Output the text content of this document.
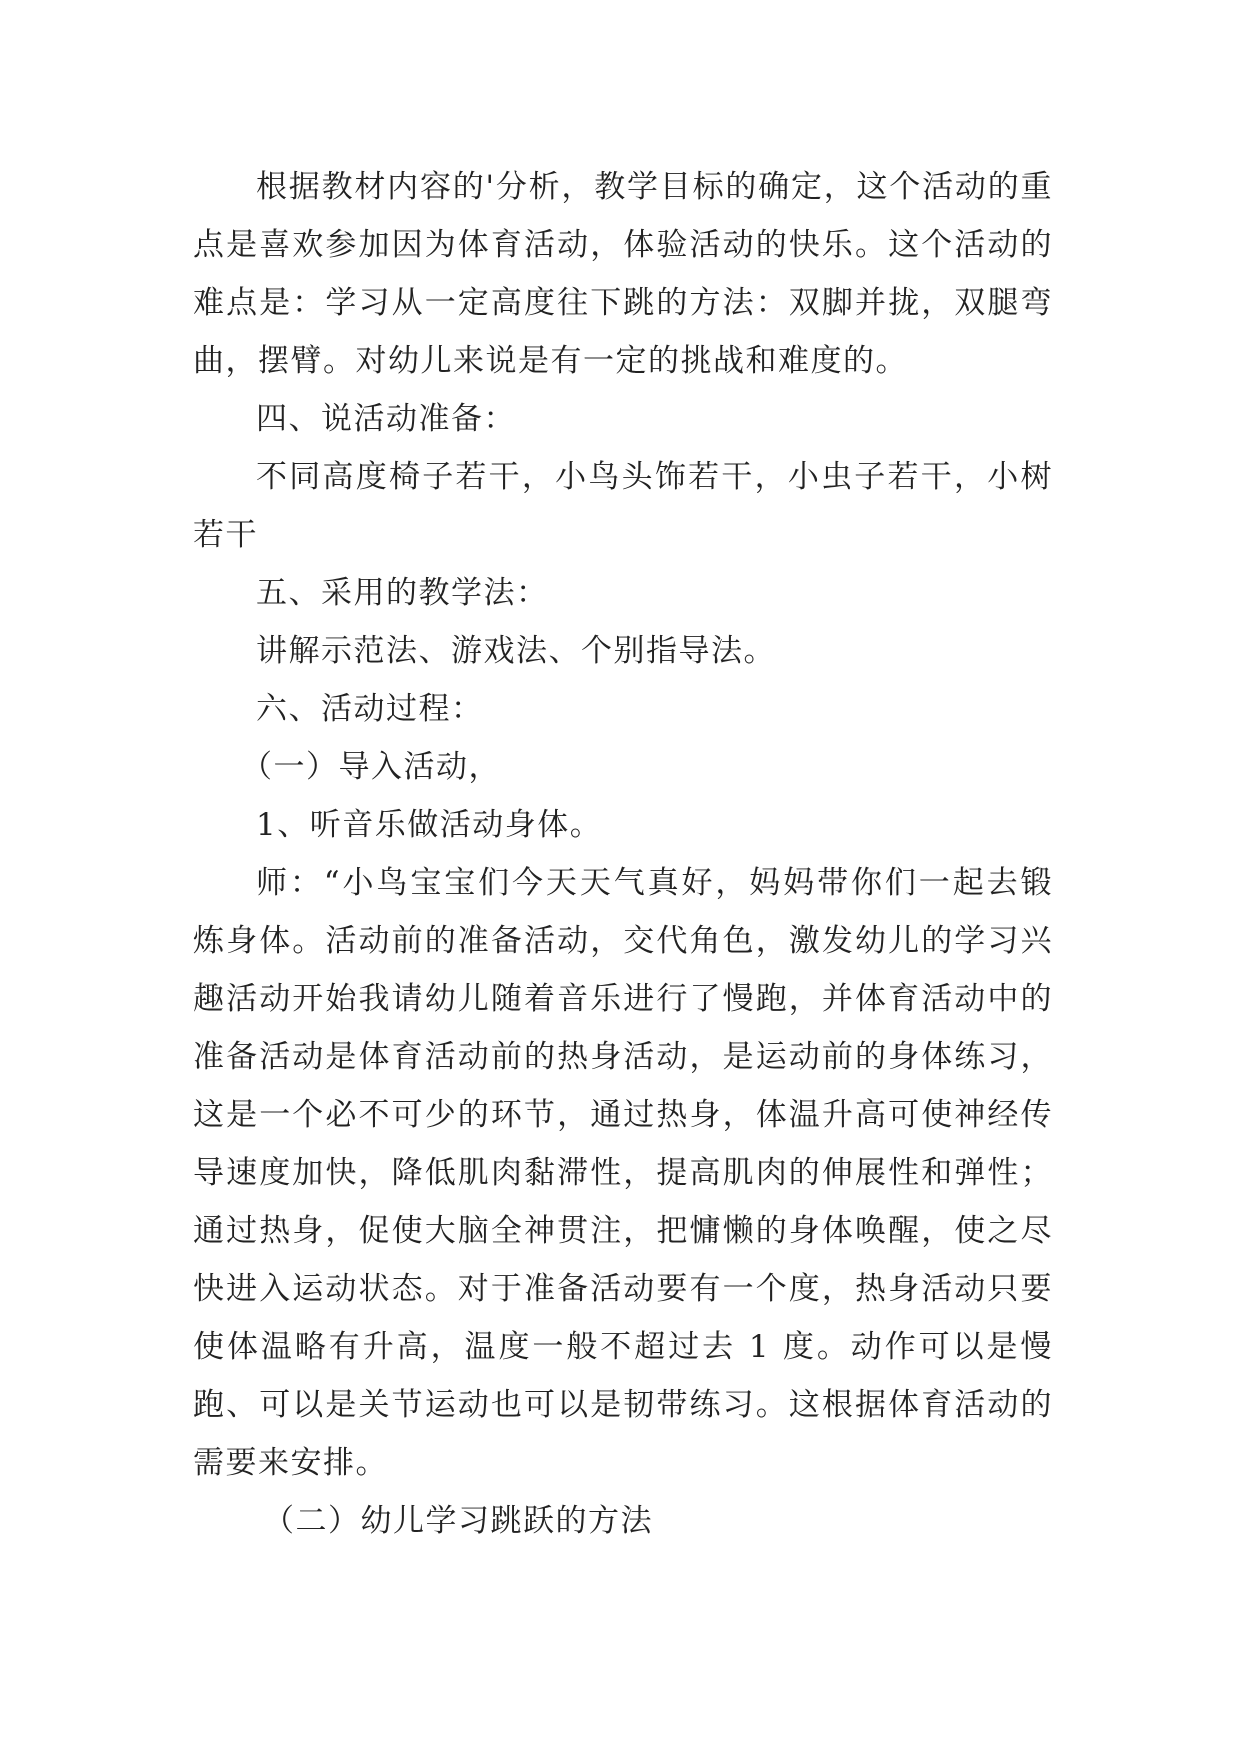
根据教材内容的'分析，教学目标的确定，这个活动的重点是喜欢参加因为体育活动，体验活动的快乐。这个活动的难点是：学习从一定高度往下跳的方法：双脚并拢，双腿弯曲，摆臂。对幼儿来说是有一定的挑战和难度的。

四、说活动准备：

不同高度椅子若干，小鸟头饰若干，小虫子若干，小树若干

五、采用的教学法：

讲解示范法、游戏法、个别指导法。

六、活动过程：

（一）导入活动，

1、听音乐做活动身体。

师：“小鸟宝宝们今天天气真好，妈妈带你们一起去锻炼身体。活动前的准备活动，交代角色，激发幼儿的学习兴趣活动开始我请幼儿随着音乐进行了慢跑，并体育活动中的准备活动是体育活动前的热身活动，是运动前的身体练习，这是一个必不可少的环节，通过热身，体温升高可使神经传导速度加快，降低肌肉黏滞性，提高肌肉的伸展性和弹性；通过热身，促使大脑全神贯注，把慵懒的身体唤醒，使之尽快进入运动状态。对于准备活动要有一个度，热身活动只要使体温略有升高，温度一般不超过去 1 度。动作可以是慢跑、可以是关节运动也可以是韧带练习。这根据体育活动的需要来安排。

（二）幼儿学习跳跃的方法
